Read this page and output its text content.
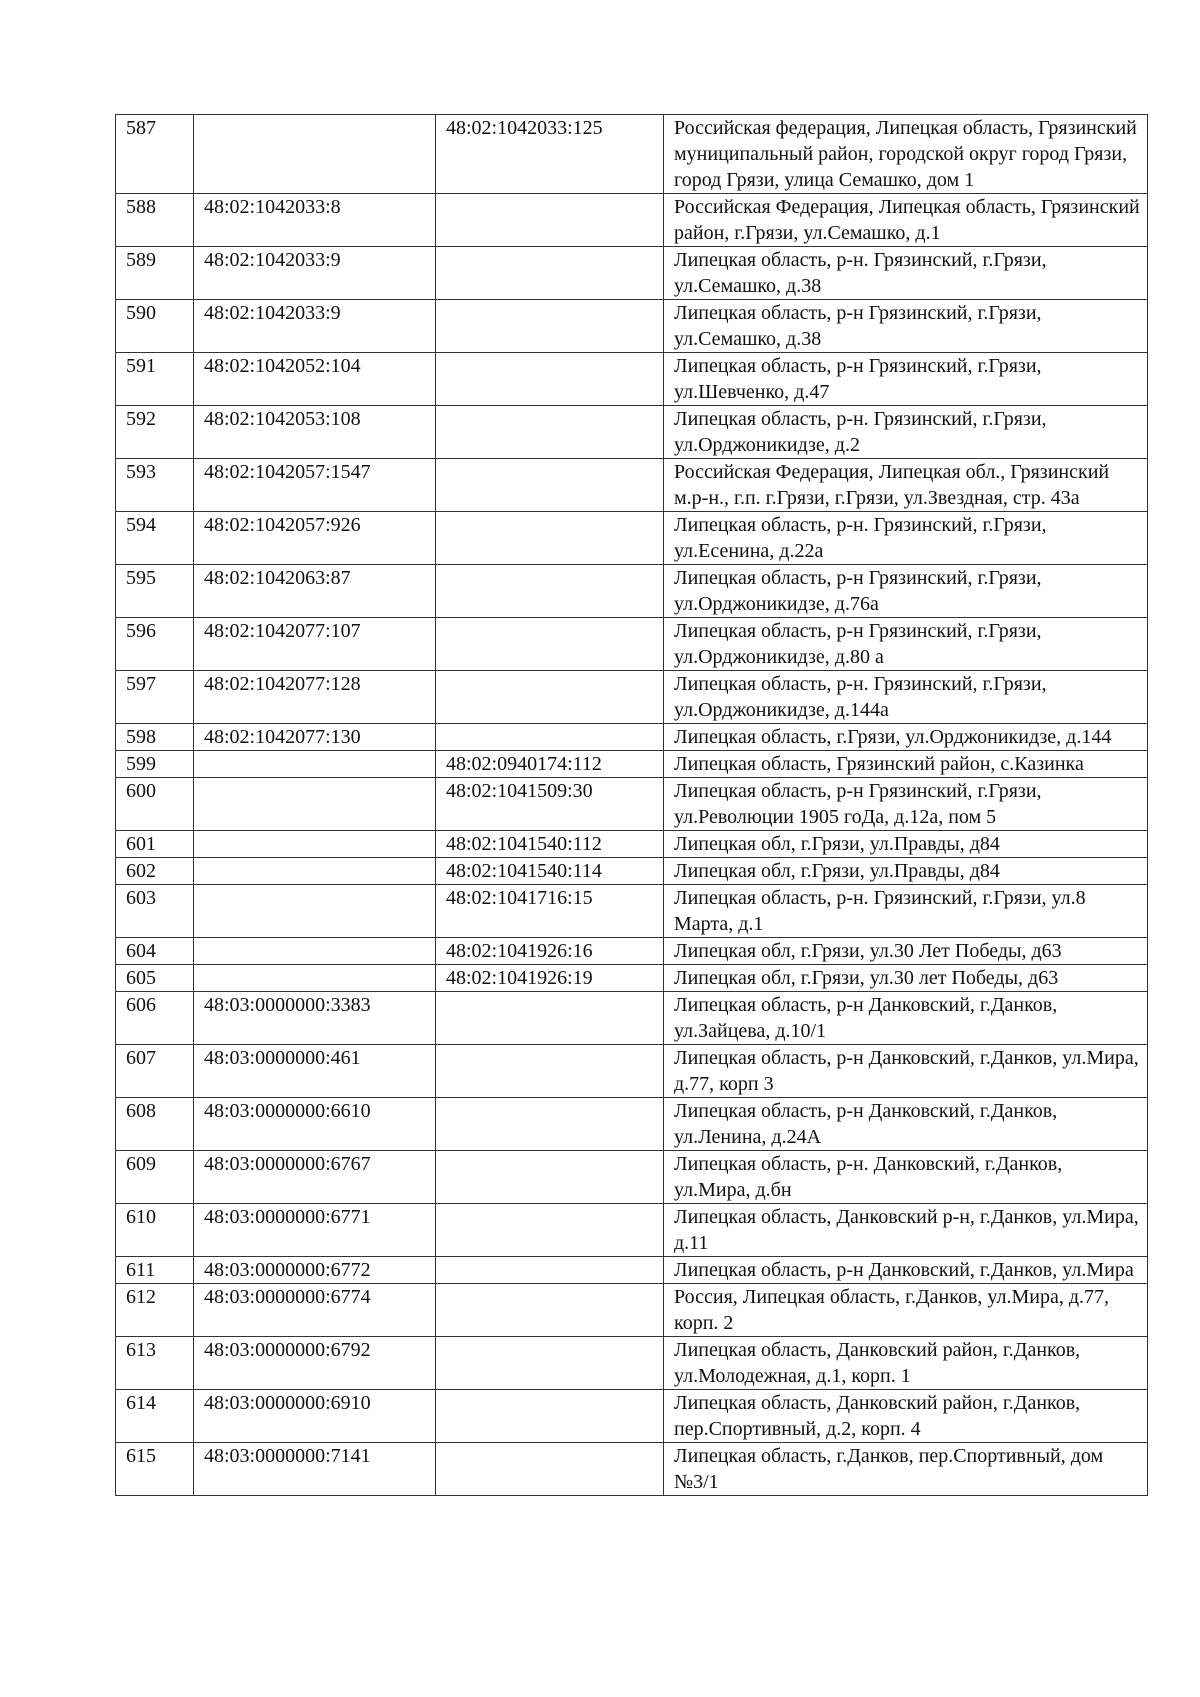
587		48:02:1042033:125	Российская федерация, Липецкая область, Грязинский муниципальный район, городской округ город Грязи, город Грязи, улица Семашко, дом 1
588	48:02:1042033:8		Российская Федерация, Липецкая область, Грязинский район, г.Грязи, ул.Семашко, д.1
589	48:02:1042033:9		Липецкая область, р-н. Грязинский, г.Грязи, ул.Семашко, д.38
590	48:02:1042033:9		Липецкая область, р-н Грязинский, г.Грязи, ул.Семашко, д.38
591	48:02:1042052:104		Липецкая область, р-н Грязинский, г.Грязи, ул.Шевченко, д.47
592	48:02:1042053:108		Липецкая область, р-н. Грязинский, г.Грязи, ул.Орджоникидзе, д.2
593	48:02:1042057:1547		Российская Федерация, Липецкая обл., Грязинский м.р-н., г.п. г.Грязи, г.Грязи, ул.Звездная, стр. 43а
594	48:02:1042057:926		Липецкая область, р-н. Грязинский, г.Грязи, ул.Есенина, д.22а
595	48:02:1042063:87		Липецкая область, р-н Грязинский, г.Грязи, ул.Орджоникидзе, д.76а
596	48:02:1042077:107		Липецкая область, р-н Грязинский, г.Грязи, ул.Орджоникидзе, д.80 а
597	48:02:1042077:128		Липецкая область, р-н. Грязинский, г.Грязи, ул.Орджоникидзе, д.144а
598	48:02:1042077:130		Липецкая область, г.Грязи, ул.Орджоникидзе, д.144
599		48:02:0940174:112	Липецкая область, Грязинский район, с.Казинка
600		48:02:1041509:30	Липецкая область, р-н Грязинский, г.Грязи, ул.Революции 1905 гоДа, д.12а, пом 5
601		48:02:1041540:112	Липецкая обл, г.Грязи, ул.Правды, д84
602		48:02:1041540:114	Липецкая обл, г.Грязи, ул.Правды, д84
603		48:02:1041716:15	Липецкая область, р-н. Грязинский, г.Грязи, ул.8 Марта, д.1
604		48:02:1041926:16	Липецкая обл, г.Грязи, ул.30 Лет Победы, д63
605		48:02:1041926:19	Липецкая обл, г.Грязи, ул.30 лет Победы, д63
606	48:03:0000000:3383		Липецкая область, р-н Данковский, г.Данков, ул.Зайцева, д.10/1
607	48:03:0000000:461		Липецкая область, р-н Данковский, г.Данков, ул.Мира, д.77, корп 3
608	48:03:0000000:6610		Липецкая область, р-н Данковский, г.Данков, ул.Ленина, д.24А
609	48:03:0000000:6767		Липецкая область, р-н. Данковский, г.Данков, ул.Мира, д.бн
610	48:03:0000000:6771		Липецкая область, Данковский р-н, г.Данков, ул.Мира, д.11
611	48:03:0000000:6772		Липецкая область, р-н Данковский, г.Данков, ул.Мира
612	48:03:0000000:6774		Россия, Липецкая область, г.Данков, ул.Мира, д.77, корп. 2
613	48:03:0000000:6792		Липецкая область, Данковский район, г.Данков, ул.Молодежная, д.1, корп. 1
614	48:03:0000000:6910		Липецкая область, Данковский район, г.Данков, пер.Спортивный, д.2, корп. 4
615	48:03:0000000:7141		Липецкая область, г.Данков, пер.Спортивный, дом №3/1
